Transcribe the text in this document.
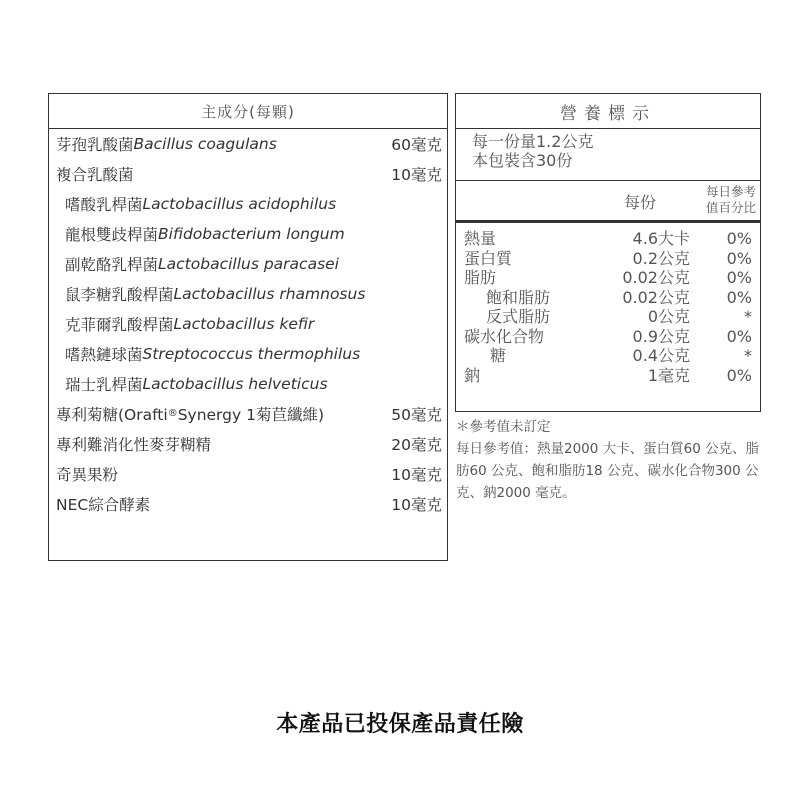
主成分(每顆)
芽孢乳酸菌 Bacillus coagulans	60毫克
複合乳酸菌	10毫克
嗜酸乳桿菌 Lactobacillus acidophilus
龍根雙歧桿菌 Bifidobacterium longum
副乾酪乳桿菌 Lactobacillus paracasei
鼠李糖乳酸桿菌 Lactobacillus rhamnosus
克菲爾乳酸桿菌 Lactobacillus kefir
嗜熱鏈球菌 Streptococcus thermophilus
瑞士乳桿菌 Lactobacillus helveticus
專利菊糖(Orafti ® Synergy 1菊苣纖維)	50毫克
專利難消化性麥芽糊精	20毫克
奇異果粉	10毫克
NEC綜合酵素	10毫克
營養標示
每一份量1.2公克
本包裝含30份
每份
每日參考
值百分比
熱量	4.6大卡 0%
蛋白質	0.2公克 0%
脂肪	0.02公克 0%
飽和脂肪	0.02公克 0%
反式脂肪	0公克	*
碳水化合物	0.9公克 0%
糖	0.4公克	*
鈉	1毫克 0%
＊參考值未訂定
每日參考值：熱量2000 大卡、蛋白質60 公克、脂肪60 公克、飽和脂肪18 公克、碳水化合物300 公克、鈉2000 毫克。
本產品已投保產品責任險
